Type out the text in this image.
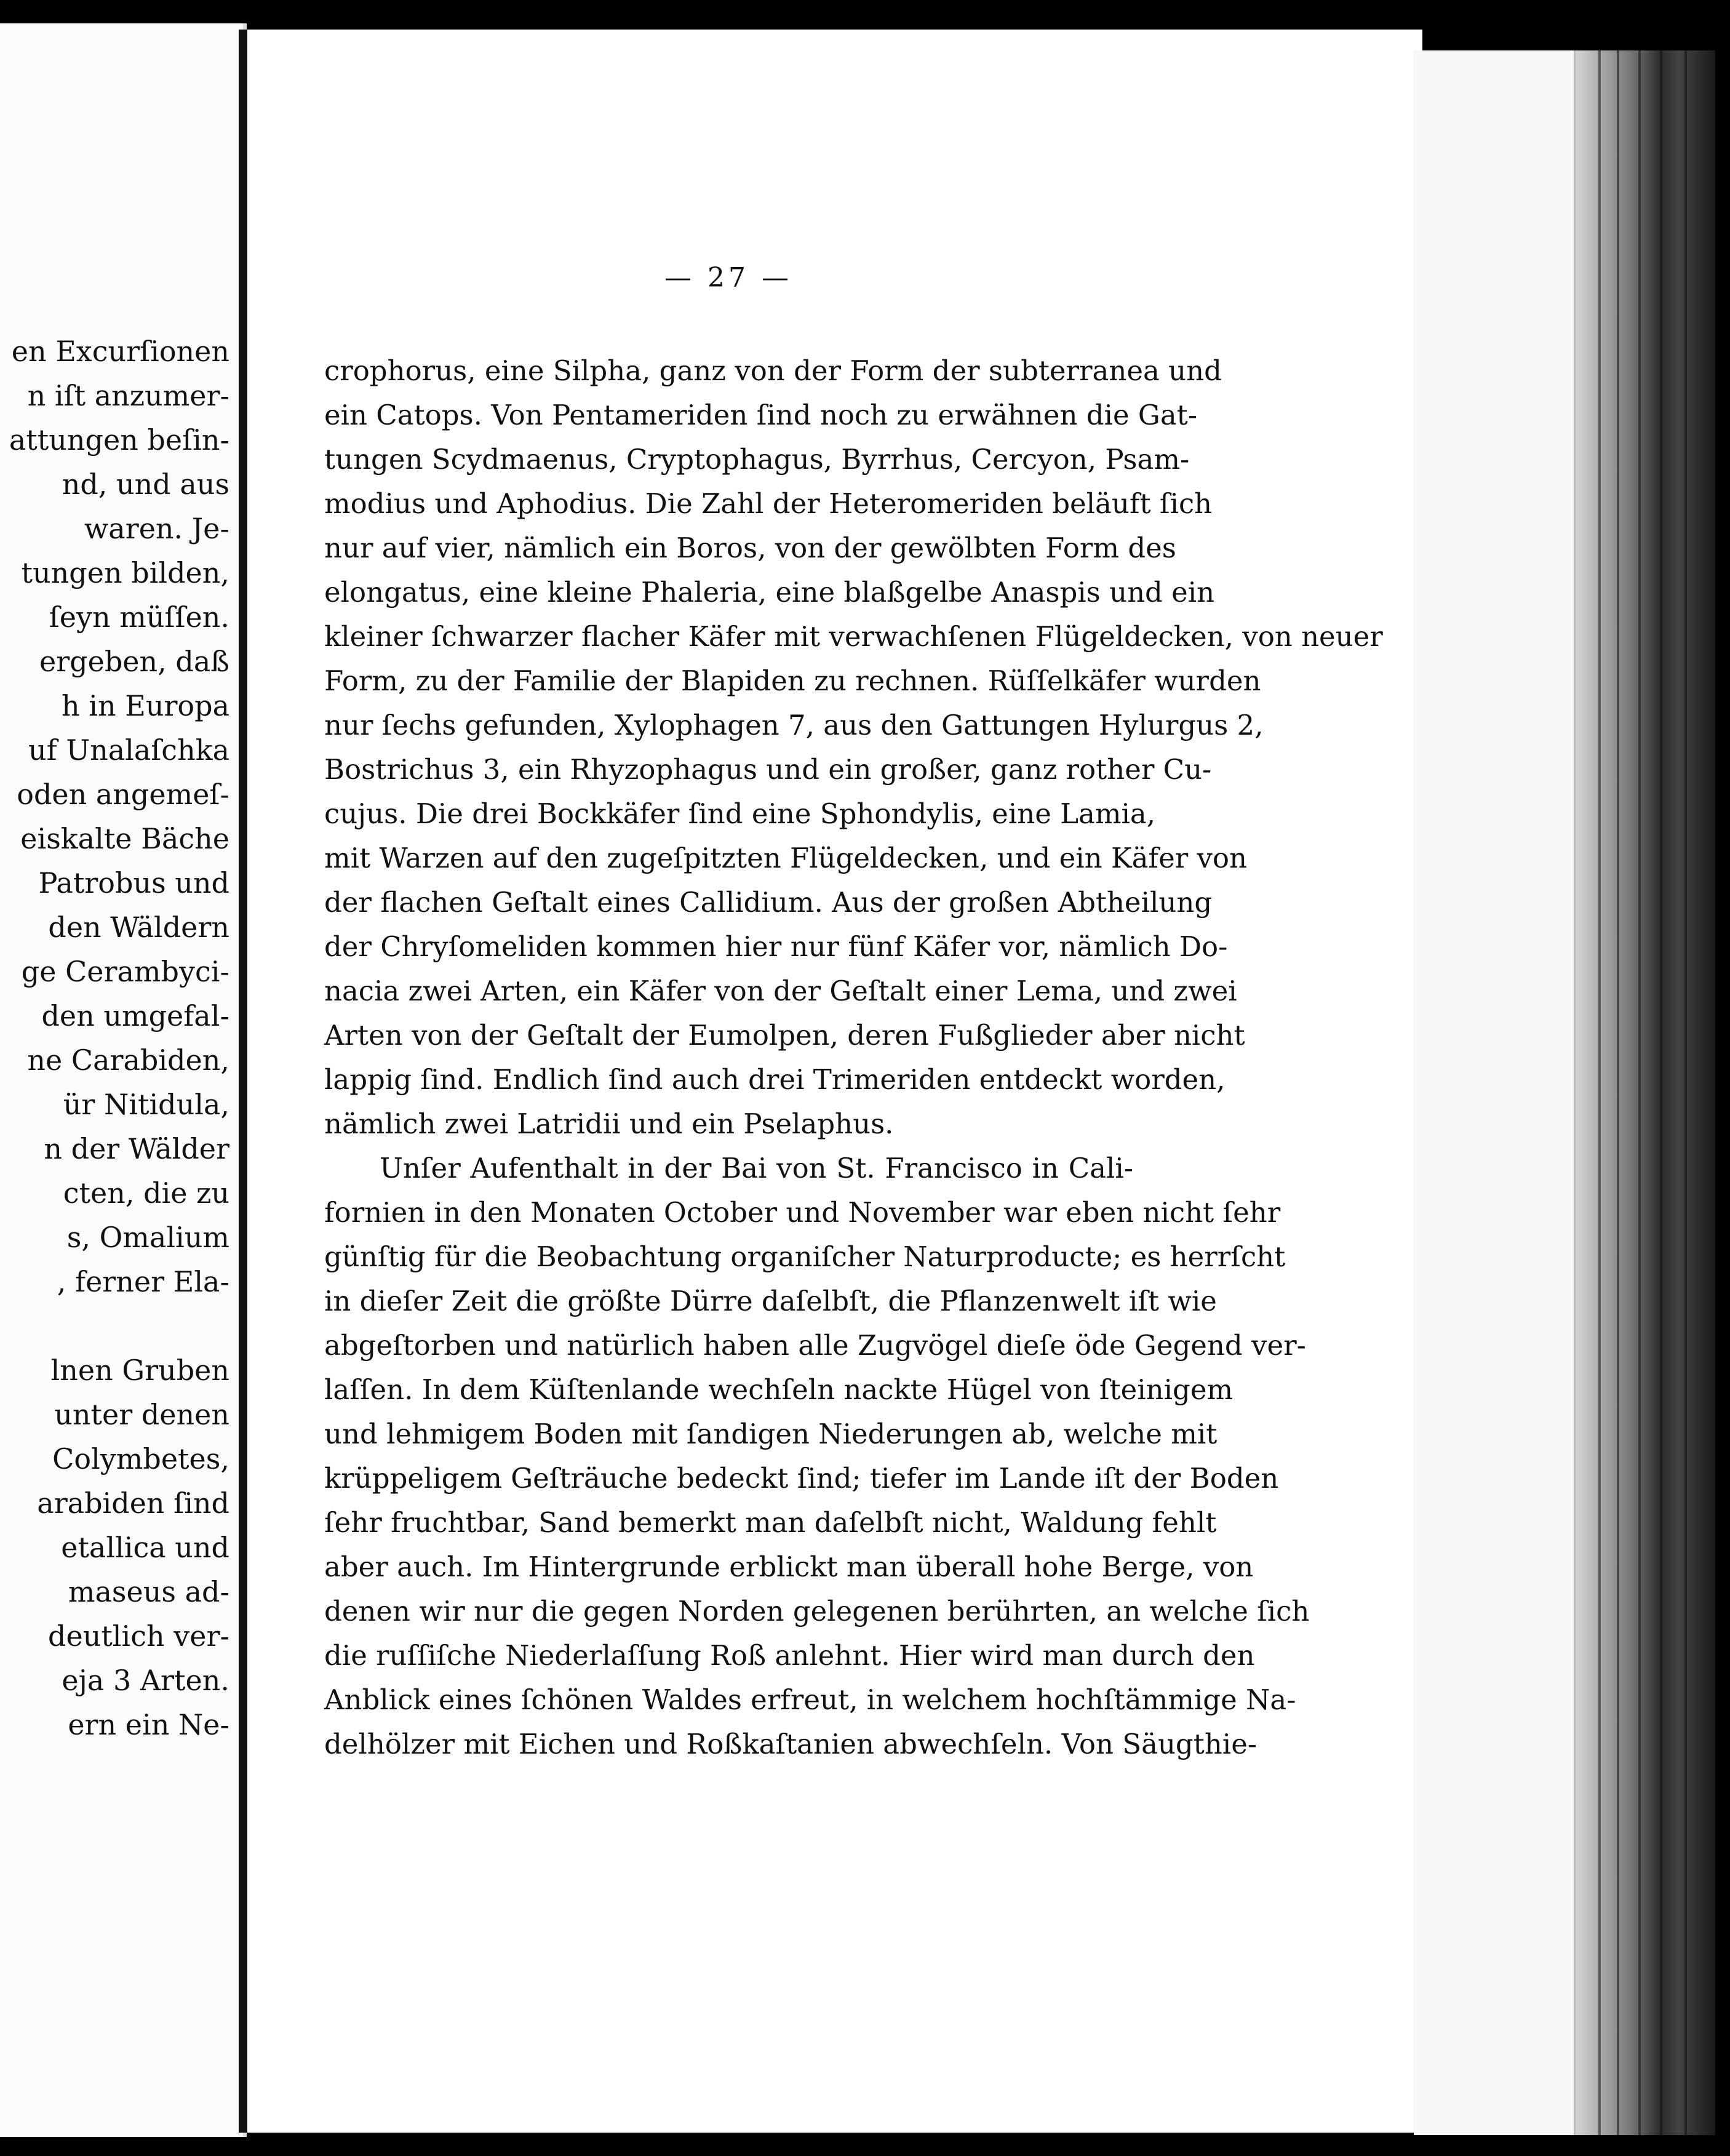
en Excurſionen
n iſt anzumer-
attungen beſin-
nd, und aus
waren. Je-
tungen bilden,
ſeyn müſſen.
ergeben, daß
h in Europa
uf Unalaſchka
oden angemeſ-
eiskalte Bäche
Patrobus und
den Wäldern
ge Cerambyci-
den umgefal-
ne Carabiden,
ür Nitidula,
n der Wälder
cten, die zu
s, Omalium
, ferner Ela-
lnen Gruben
unter denen
Colymbetes,
arabiden ſind
etallica und
maseus ad-
deutlich ver-
eja 3 Arten.
ern ein Ne-
— 27 —
crophorus, eine Silpha, ganz von der Form der subterranea und
ein Catops. Von Pentameriden ſind noch zu erwähnen die Gat-
tungen Scydmaenus, Cryptophagus, Byrrhus, Cercyon, Psam-
modius und Aphodius. Die Zahl der Heteromeriden beläuft ſich
nur auf vier, nämlich ein Boros, von der gewölbten Form des
elongatus, eine kleine Phaleria, eine blaßgelbe Anaspis und ein
kleiner ſchwarzer flacher Käfer mit verwachſenen Flügeldecken, von neuer
Form, zu der Familie der Blapiden zu rechnen. Rüſſelkäfer wurden
nur ſechs gefunden, Xylophagen 7, aus den Gattungen Hylurgus 2,
Bostrichus 3, ein Rhyzophagus und ein großer, ganz rother Cu-
cujus. Die drei Bockkäfer ſind eine Sphondylis, eine Lamia,
mit Warzen auf den zugeſpitzten Flügeldecken, und ein Käfer von
der flachen Geſtalt eines Callidium. Aus der großen Abtheilung
der Chryſomeliden kommen hier nur fünf Käfer vor, nämlich Do-
nacia zwei Arten, ein Käfer von der Geſtalt einer Lema, und zwei
Arten von der Geſtalt der Eumolpen, deren Fußglieder aber nicht
lappig ſind. Endlich ſind auch drei Trimeriden entdeckt worden,
nämlich zwei Latridii und ein Pselaphus.
Unſer Aufenthalt in der Bai von St. Francisco in Cali-
fornien in den Monaten October und November war eben nicht ſehr
günſtig für die Beobachtung organiſcher Naturproducte; es herrſcht
in dieſer Zeit die größte Dürre daſelbſt, die Pflanzenwelt iſt wie
abgeſtorben und natürlich haben alle Zugvögel dieſe öde Gegend ver-
laſſen. In dem Küſtenlande wechſeln nackte Hügel von ſteinigem
und lehmigem Boden mit ſandigen Niederungen ab, welche mit
krüppeligem Geſträuche bedeckt ſind; tiefer im Lande iſt der Boden
ſehr fruchtbar, Sand bemerkt man daſelbſt nicht, Waldung fehlt
aber auch. Im Hintergrunde erblickt man überall hohe Berge, von
denen wir nur die gegen Norden gelegenen berührten, an welche ſich
die ruſſiſche Niederlaſſung Roß anlehnt. Hier wird man durch den
Anblick eines ſchönen Waldes erfreut, in welchem hochſtämmige Na-
delhölzer mit Eichen und Roßkaſtanien abwechſeln. Von Säugthie-
